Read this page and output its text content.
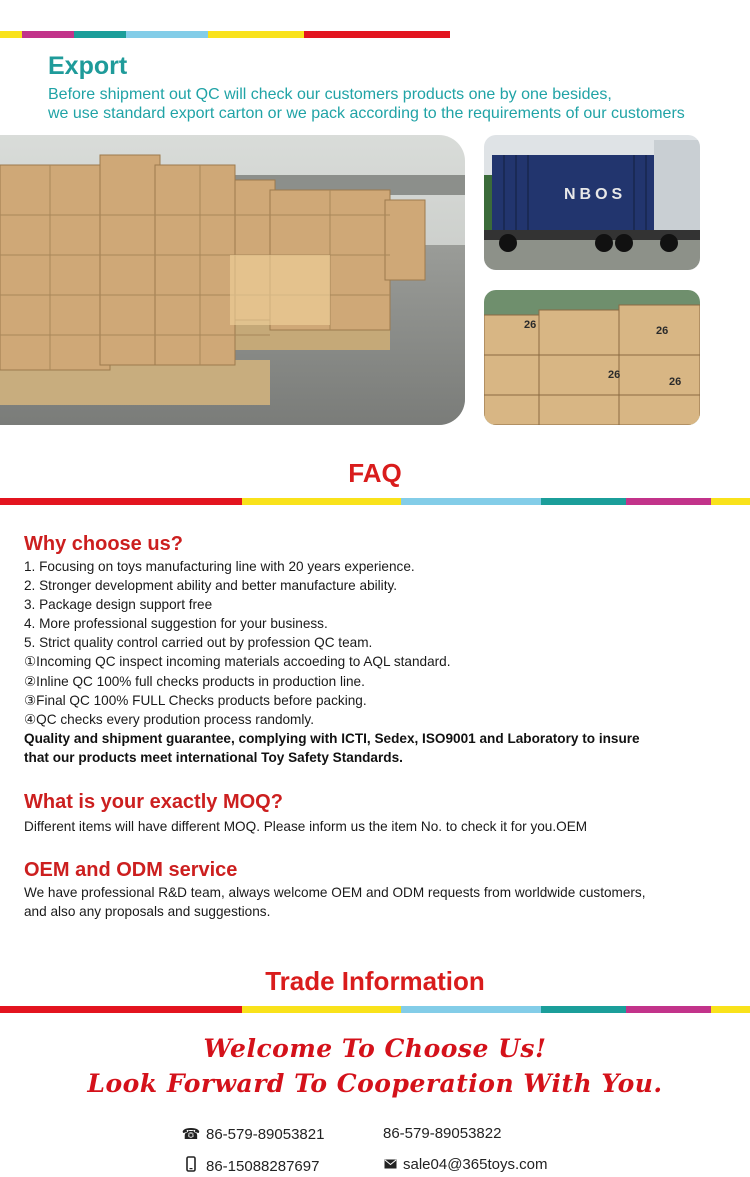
Export
Before shipment out QC will check our customers products one by one besides,
we use standard export carton or we pack according to the requirements of our customers
NBOS
26
26
26
26
FAQ
Why choose us?
1. Focusing on toys manufacturing line with 20 years experience.
2. Stronger development ability and better manufacture ability.
3. Package design support free
4. More professional suggestion for your business.
5. Strict quality control carried out by profession QC team.
①Incoming QC inspect incoming materials accoeding to AQL standard.
②Inline QC 100% full checks products in production line.
③Final QC 100% FULL Checks products before packing.
④QC checks every prodution process randomly.
Quality and shipment guarantee, complying with ICTI, Sedex, ISO9001 and Laboratory to insure
that our products meet international Toy Safety Standards.
What is your exactly MOQ?
Different items will have different MOQ. Please inform us the item No. to check it for you.OEM
OEM and ODM service
We have professional R&D team, always welcome OEM and ODM requests from worldwide customers,
and also any proposals and suggestions.
Trade Information
Welcome To Choose Us!
Look Forward To Cooperation With You.
☎ 86-579-89053821	86-579-89053822
86-15088287697	sale04@365toys.com
